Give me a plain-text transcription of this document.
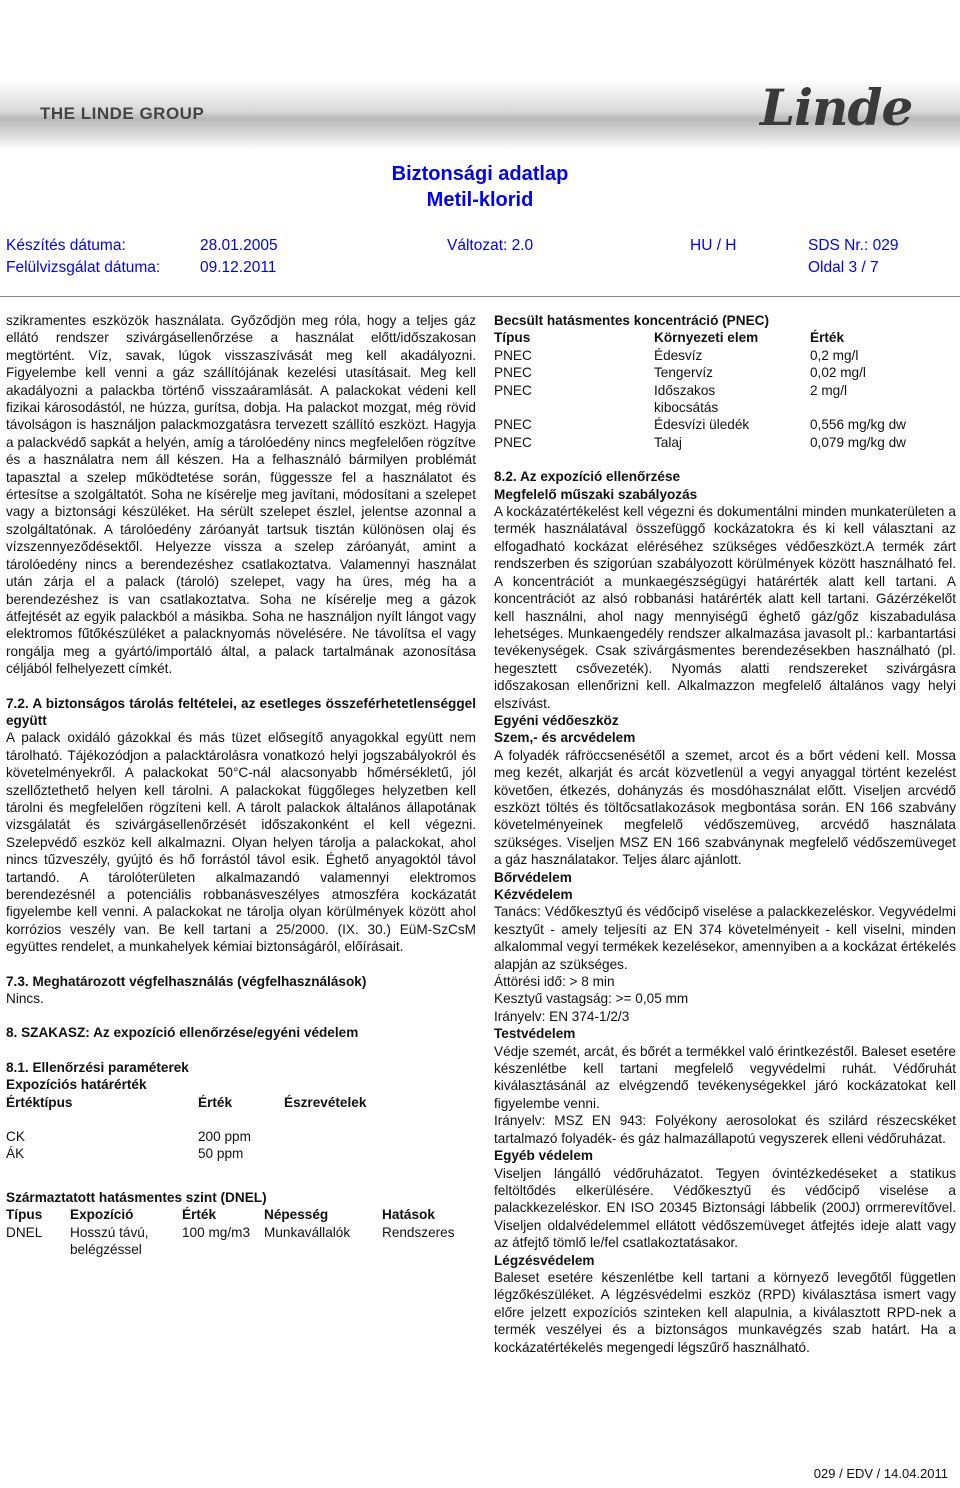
THE LINDE GROUP	Linde
Biztonsági adatlap
Metil-klorid
Készítés dátuma:	28.01.2005	Változat: 2.0	HU / H	SDS Nr.: 029
Felülvizsgálat dátuma:	09.12.2011	Oldal 3 / 7

szikramentes eszközök használata. Győződjön meg róla, hogy a teljes gáz ellátó rendszer szivárgásellenőrzése a használat előtt/időszakosan megtörtént. Víz, savak, lúgok visszaszívását meg kell akadályozni. Figyelembe kell venni a gáz szállítójának kezelési utasításait. Meg kell akadályozni a palackba történő visszaáramlását. A palackokat védeni kell fizikai károsodástól, ne húzza, gurítsa, dobja. Ha palackot mozgat, még rövid távolságon is használjon palackmozgatásra tervezett szállító eszközt. Hagyja a palackvédő sapkát a helyén, amíg a tárolóedény nincs megfelelően rögzítve és a használatra nem áll készen. Ha a felhasználó bármilyen problémát tapasztal a szelep működtetése során, függessze fel a használatot és értesítse a szolgáltatót. Soha ne kísérelje meg javítani, módosítani a szelepet vagy a biztonsági készüléket. Ha sérült szelepet észlel, jelentse azonnal a szolgáltatónak. A tárolóedény záróanyát tartsuk tisztán különösen olaj és vízszennyeződésektől. Helyezze vissza a szelep záróanyát, amint a tárolóedény nincs a berendezéshez csatlakoztatva. Valamennyi használat után zárja el a palack (tároló) szelepet, vagy ha üres, még ha a berendezéshez is van csatlakoztatva. Soha ne kísérelje meg a gázok átfejtését az egyik palackból a másikba. Soha ne használjon nyílt lángot vagy elektromos fűtőkészüléket a palacknyomás növelésére. Ne távolítsa el vagy rongálja meg a gyártó/importáló által, a palack tartalmának azonosítása céljából felhelyezett címkét.

7.2. A biztonságos tárolás feltételei, az esetleges összeférhetetlenséggel együtt

A palack oxidáló gázokkal és más tüzet elősegítő anyagokkal együtt nem tárolható. Tájékozódjon a palacktárolásra vonatkozó helyi jogszabályokról és követelményekről. A palackokat 50°C-nál alacsonyabb hőmérsékletű, jól szellőztethető helyen kell tárolni. A palackokat függőleges helyzetben kell tárolni és megfelelően rögzíteni kell. A tárolt palackok általános állapotának vizsgálatát és szivárgásellenőrzését időszakonként el kell végezni. Szelepvédő eszköz kell alkalmazni. Olyan helyen tárolja a palackokat, ahol nincs tűzveszély, gyújtó és hő forrástól távol esik. Éghető anyagoktól távol tartandó. A tárolóterületen alkalmazandó valamennyi elektromos berendezésnél a potenciális robbanásveszélyes atmoszféra kockázatát figyelembe kell venni. A palackokat ne tárolja olyan körülmények között ahol korrózios veszély van. Be kell tartani a 25/2000. (IX. 30.) EüM-SzCsM együttes rendelet, a munkahelyek kémiai biztonságáról, előírásait.

7.3. Meghatározott végfelhasználás (végfelhasználások)

Nincs.

8. SZAKASZ: Az expozíció ellenőrzése/egyéni védelem

8.1. Ellenőrzési paraméterek

Expozíciós határérték

Értéktípus	Érték	Észrevételek

CK	200 ppm	
ÁK	50 ppm	

Származtatott hatásmentes szint (DNEL)

Típus	Expozíció	Érték	Népesség	Hatások
DNEL	Hosszú távú, belégzéssel	100 mg/m3	Munkavállalók	Rendszeres

Becsült hatásmentes koncentráció (PNEC)

Típus	Környezeti elem	Érték
PNEC	Édesvíz	0,2 mg/l
PNEC	Tengervíz	0,02 mg/l
PNEC	Időszakos kibocsátás	2 mg/l
PNEC	Édesvízi üledék	0,556 mg/kg dw
PNEC	Talaj	0,079 mg/kg dw

8.2. Az expozíció ellenőrzése

Megfelelő műszaki szabályozás

A kockázatértékelést kell végezni és dokumentálni minden munkaterületen a termék használatával összefüggő kockázatokra és ki kell választani az elfogadható kockázat eléréséhez szükséges védőeszközt.A termék zárt rendszerben és szigorúan szabályozott körülmények között használható fel. A koncentrációt a munkaegészségügyi határérték alatt kell tartani. A koncentrációt az alsó robbanási határérték alatt kell tartani. Gázérzékelőt kell használni, ahol nagy mennyiségű éghető gáz/gőz kiszabadulása lehetséges. Munkaengedély rendszer alkalmazása javasolt pl.: karbantartási tevékenységek. Csak szivárgásmentes berendezésekben használható (pl. hegesztett csővezeték). Nyomás alatti rendszereket szivárgásra időszakosan ellenőrizni kell. Alkalmazzon megfelelő általános vagy helyi elszívást.

Egyéni védőeszköz

Szem,- és arcvédelem

A folyadék ráfröccsenésétől a szemet, arcot és a bőrt védeni kell. Mossa meg kezét, alkarját és arcát közvetlenül a vegyi anyaggal történt kezelést követően, étkezés, dohányzás és mosdóhasználat előtt. Viseljen arcvédő eszközt töltés és töltőcsatlakozások megbontása során. EN 166 szabvány követelményeinek megfelelő védőszemüveg, arcvédő használata szükséges. Viseljen MSZ EN 166 szabványnak megfelelő védőszemüveget a gáz használatakor. Teljes álarc ajánlott.

Bőrvédelem

Kézvédelem

Tanács: Védőkesztyű és védőcipő viselése a palackkezeléskor. Vegyvédelmi kesztyűt - amely teljesíti az EN 374 követelményeit - kell viselni, minden alkalommal vegyi termékek kezelésekor, amennyiben a a kockázat értékelés alapján az szükséges.

Áttörési idő: > 8 min

Kesztyű vastagság: >= 0,05 mm

Irányelv: EN 374-1/2/3

Testvédelem

Védje szemét, arcát, és bőrét a termékkel való érintkezéstől. Baleset esetére készenlétbe kell tartani megfelelő vegyvédelmi ruhát. Védőruhát kiválasztásánál az elvégzendő tevékenységekkel járó kockázatokat kell figyelembe venni.

Irányelv: MSZ EN 943: Folyékony aerosolokat és szilárd részecskéket tartalmazó folyadék- és gáz halmazállapotú vegyszerek elleni védőruházat.

Egyéb védelem

Viseljen lángálló védőruházatot. Tegyen óvintézkedéseket a statikus feltöltődés elkerülésére. Védőkesztyű és védőcipő viselése a palackkezeléskor. EN ISO 20345 Biztonsági lábbelik (200J) orrmerevítővel. Viseljen oldalvédelemmel ellátott védőszemüveget átfejtés ideje alatt vagy az átfejtő tömlő le/fel csatlakoztatásakor.

Légzésvédelem

Baleset esetére készenlétbe kell tartani a környező levegőtől független légzőkészüléket. A légzésvédelmi eszköz (RPD) kiválasztása ismert vagy előre jelzett expozíciós szinteken kell alapulnia, a kiválasztott RPD-nek a termék veszélyei és a biztonságos munkavégzés szab határt. Ha a kockázatértékelés megengedi légszűrő használható.

029 / EDV / 14.04.2011
